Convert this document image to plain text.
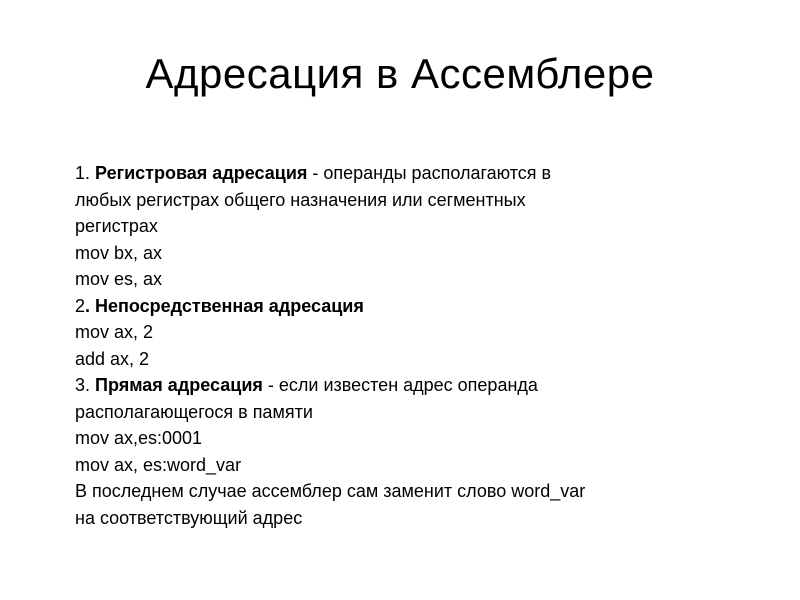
Адресация в Ассемблере
1. Регистровая адресация - операнды располагаются в
любых регистрах общего назначения или сегментных
регистрах
mov bx, ax
mov es, ax
2. Непосредственная адресация
mov ax, 2
add ax, 2
3. Прямая адресация - если известен адрес операнда
располагающегося в памяти
mov ax,es:0001
mov ax, es:word_var
В последнем случае ассемблер сам заменит слово word_var
на соответствующий адрес
